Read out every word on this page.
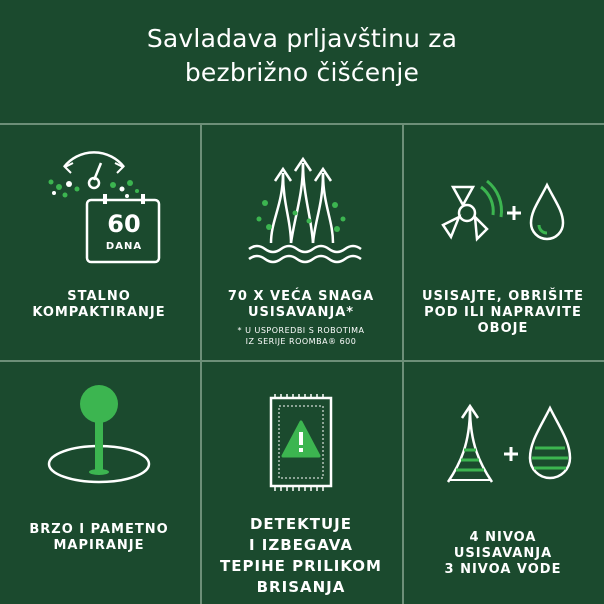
Savladava prljavštinu za
bezbrižno čišćenje
60
DANA
STALNO
KOMPAKTIRANJE
70 X VEĆA SNAGA
USISAVANJA*
* U USPOREDBI S ROBOTIMA
IZ SERIJE ROOMBA® 600
USISAJTE, OBRIŠITE
POD ILI NAPRAVITE
OBOJE
BRZO I PAMETNO
MAPIRANJE
DETEKTUJE
I IZBEGAVA
TEPIHE PRILIKOM
BRISANJA
4 NIVOA
USISAVANJA
3 NIVOA VODE
